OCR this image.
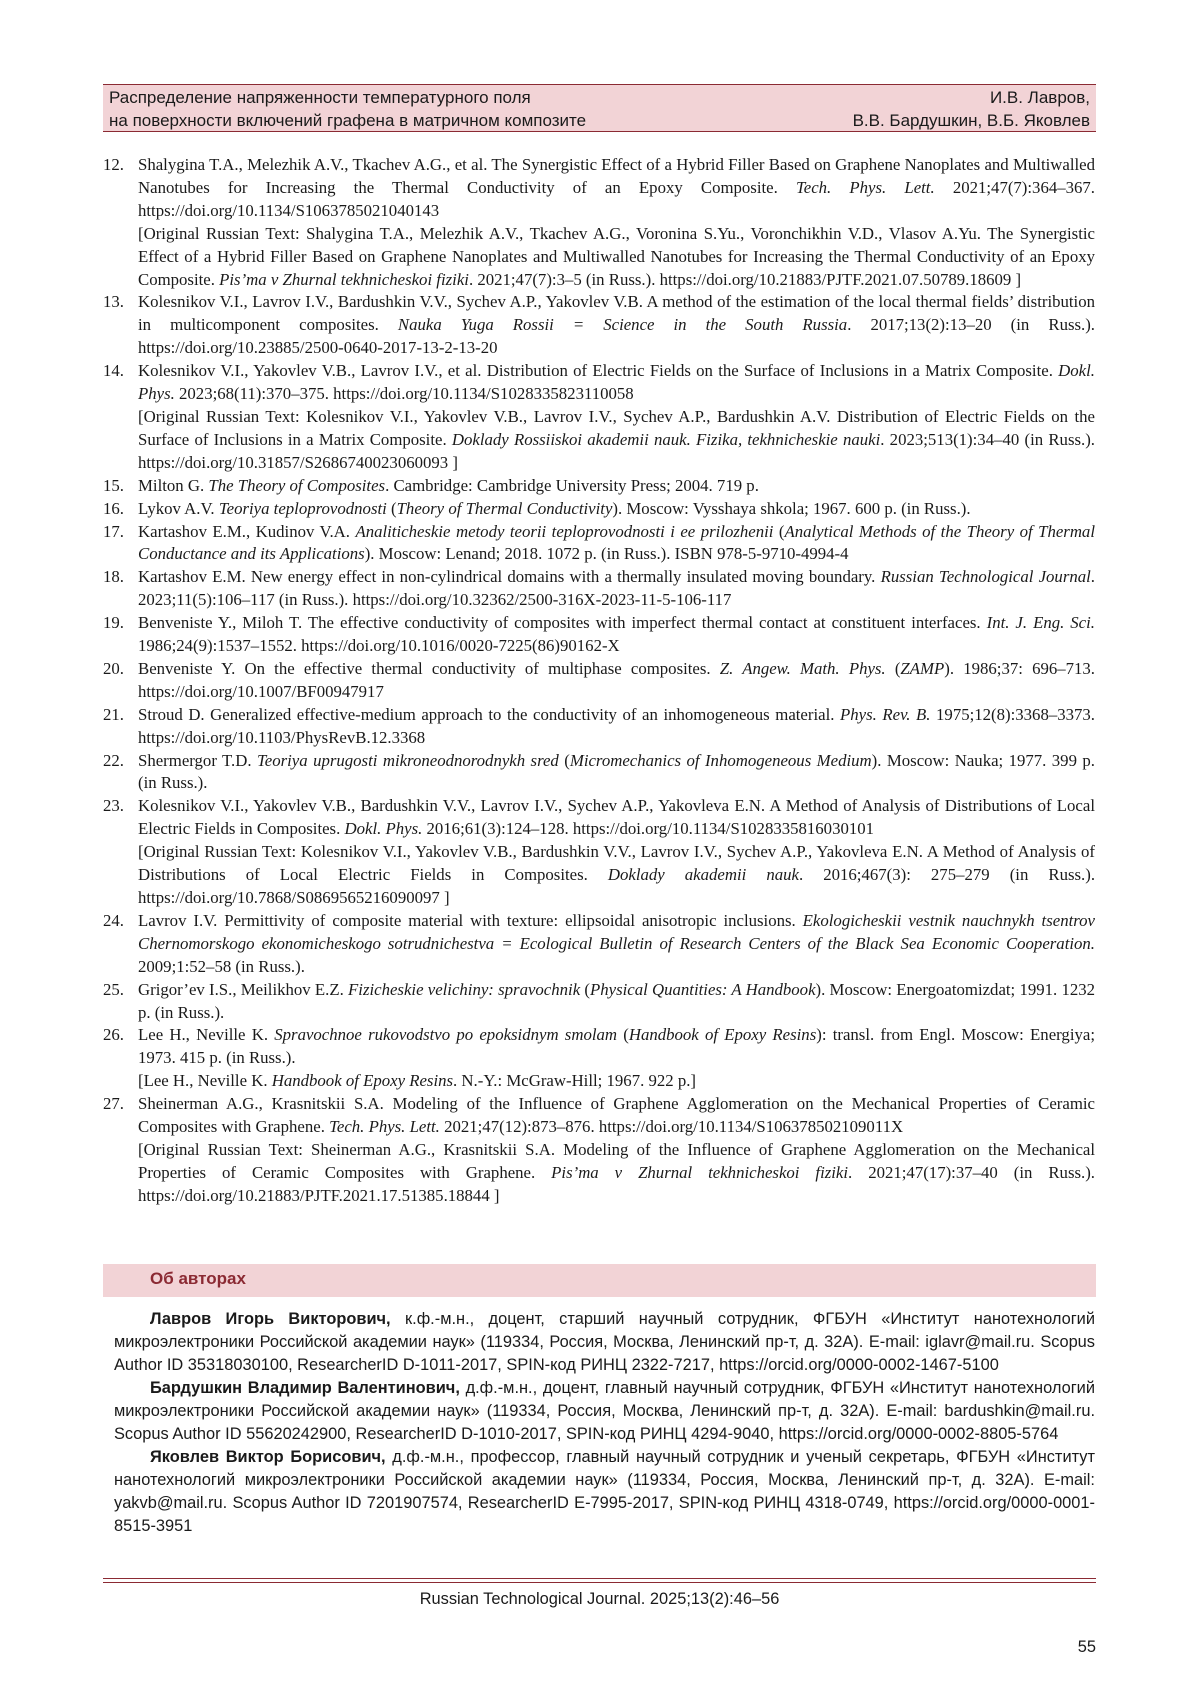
Распределение напряженности температурного поля
на поверхности включений графена в матричном композите
И.В. Лавров,
В.В. Бардушкин, В.Б. Яковлев
12. Shalygina T.A., Melezhik A.V., Tkachev A.G., et al. The Synergistic Effect of a Hybrid Filler Based on Graphene Nanoplates and Multiwalled Nanotubes for Increasing the Thermal Conductivity of an Epoxy Composite. Tech. Phys. Lett. 2021;47(7):364–367. https://doi.org/10.1134/S1063785021040143
[Original Russian Text: Shalygina T.A., Melezhik A.V., Tkachev A.G., Voronina S.Yu., Voronchikhin V.D., Vlasov A.Yu. The Synergistic Effect of a Hybrid Filler Based on Graphene Nanoplates and Multiwalled Nanotubes for Increasing the Thermal Conductivity of an Epoxy Composite. Pis’ma v Zhurnal tekhnicheskoi fiziki. 2021;47(7):3–5 (in Russ.). https://doi.org/10.21883/PJTF.2021.07.50789.18609 ]
13. Kolesnikov V.I., Lavrov I.V., Bardushkin V.V., Sychev A.P., Yakovlev V.B. A method of the estimation of the local thermal fields’ distribution in multicomponent composites. Nauka Yuga Rossii = Science in the South Russia. 2017;13(2):13–20 (in Russ.). https://doi.org/10.23885/2500-0640-2017-13-2-13-20
14. Kolesnikov V.I., Yakovlev V.B., Lavrov I.V., et al. Distribution of Electric Fields on the Surface of Inclusions in a Matrix Composite. Dokl. Phys. 2023;68(11):370–375. https://doi.org/10.1134/S1028335823110058
[Original Russian Text: Kolesnikov V.I., Yakovlev V.B., Lavrov I.V., Sychev A.P., Bardushkin A.V. Distribution of Electric Fields on the Surface of Inclusions in a Matrix Composite. Doklady Rossiiskoi akademii nauk. Fizika, tekhnicheskie nauki. 2023;513(1):34–40 (in Russ.). https://doi.org/10.31857/S2686740023060093 ]
15. Milton G. The Theory of Composites. Cambridge: Cambridge University Press; 2004. 719 p.
16. Lykov A.V. Teoriya teploprovodnosti (Theory of Thermal Conductivity). Moscow: Vysshaya shkola; 1967. 600 p. (in Russ.).
17. Kartashov E.M., Kudinov V.A. Analiticheskie metody teorii teploprovodnosti i ee prilozhenii (Analytical Methods of the Theory of Thermal Conductance and its Applications). Moscow: Lenand; 2018. 1072 p. (in Russ.). ISBN 978-5-9710-4994-4
18. Kartashov E.M. New energy effect in non-cylindrical domains with a thermally insulated moving boundary. Russian Technological Journal. 2023;11(5):106–117 (in Russ.). https://doi.org/10.32362/2500-316X-2023-11-5-106-117
19. Benveniste Y., Miloh T. The effective conductivity of composites with imperfect thermal contact at constituent interfaces. Int. J. Eng. Sci. 1986;24(9):1537–1552. https://doi.org/10.1016/0020-7225(86)90162-X
20. Benveniste Y. On the effective thermal conductivity of multiphase composites. Z. Angew. Math. Phys. (ZAMP). 1986;37: 696–713. https://doi.org/10.1007/BF00947917
21. Stroud D. Generalized effective-medium approach to the conductivity of an inhomogeneous material. Phys. Rev. B. 1975;12(8):3368–3373. https://doi.org/10.1103/PhysRevB.12.3368
22. Shermergor T.D. Teoriya uprugosti mikroneodnorodnykh sred (Micromechanics of Inhomogeneous Medium). Moscow: Nauka; 1977. 399 p. (in Russ.).
23. Kolesnikov V.I., Yakovlev V.B., Bardushkin V.V., Lavrov I.V., Sychev A.P., Yakovleva E.N. A Method of Analysis of Distributions of Local Electric Fields in Composites. Dokl. Phys. 2016;61(3):124–128. https://doi.org/10.1134/S1028335816030101
[Original Russian Text: Kolesnikov V.I., Yakovlev V.B., Bardushkin V.V., Lavrov I.V., Sychev A.P., Yakovleva E.N. A Method of Analysis of Distributions of Local Electric Fields in Composites. Doklady akademii nauk. 2016;467(3): 275–279 (in Russ.). https://doi.org/10.7868/S0869565216090097 ]
24. Lavrov I.V. Permittivity of composite material with texture: ellipsoidal anisotropic inclusions. Ekologicheskii vestnik nauchnykh tsentrov Chernomorskogo ekonomicheskogo sotrudnichestva = Ecological Bulletin of Research Centers of the Black Sea Economic Cooperation. 2009;1:52–58 (in Russ.).
25. Grigor’ev I.S., Meilikhov E.Z. Fizicheskie velichiny: spravochnik (Physical Quantities: A Handbook). Moscow: Energoatomizdat; 1991. 1232 p. (in Russ.).
26. Lee H., Neville K. Spravochnoe rukovodstvo po epoksidnym smolam (Handbook of Epoxy Resins): transl. from Engl. Moscow: Energiya; 1973. 415 p. (in Russ.).
[Lee H., Neville K. Handbook of Epoxy Resins. N.-Y.: McGraw-Hill; 1967. 922 p.]
27. Sheinerman A.G., Krasnitskii S.A. Modeling of the Influence of Graphene Agglomeration on the Mechanical Properties of Ceramic Composites with Graphene. Tech. Phys. Lett. 2021;47(12):873–876. https://doi.org/10.1134/S106378502109011X
[Original Russian Text: Sheinerman A.G., Krasnitskii S.A. Modeling of the Influence of Graphene Agglomeration on the Mechanical Properties of Ceramic Composites with Graphene. Pis’ma v Zhurnal tekhnicheskoi fiziki. 2021;47(17):37–40 (in Russ.). https://doi.org/10.21883/PJTF.2021.17.51385.18844 ]
Об авторах

Лавров Игорь Викторович, к.ф.-м.н., доцент, старший научный сотрудник, ФГБУН «Институт нанотехнологий микроэлектроники Российской академии наук» (119334, Россия, Москва, Ленинский пр-т, д. 32А). E-mail: iglavr@mail.ru. Scopus Author ID 35318030100, ResearcherID D-1011-2017, SPIN-код РИНЦ 2322-7217, https://orcid.org/0000-0002-1467-5100

Бардушкин Владимир Валентинович, д.ф.-м.н., доцент, главный научный сотрудник, ФГБУН «Институт нанотехнологий микроэлектроники Российской академии наук» (119334, Россия, Москва, Ленинский пр-т, д. 32А). E-mail: bardushkin@mail.ru. Scopus Author ID 55620242900, ResearcherID D-1010-2017, SPIN-код РИНЦ 4294-9040, https://orcid.org/0000-0002-8805-5764

Яковлев Виктор Борисович, д.ф.-м.н., профессор, главный научный сотрудник и ученый секретарь, ФГБУН «Институт нанотехнологий микроэлектроники Российской академии наук» (119334, Россия, Москва, Ленинский пр-т, д. 32А). E-mail: yakvb@mail.ru. Scopus Author ID 7201907574, ResearcherID E-7995-2017, SPIN-код РИНЦ 4318-0749, https://orcid.org/0000-0001-8515-3951

Russian Technological Journal. 2025;13(2):46–56
55
